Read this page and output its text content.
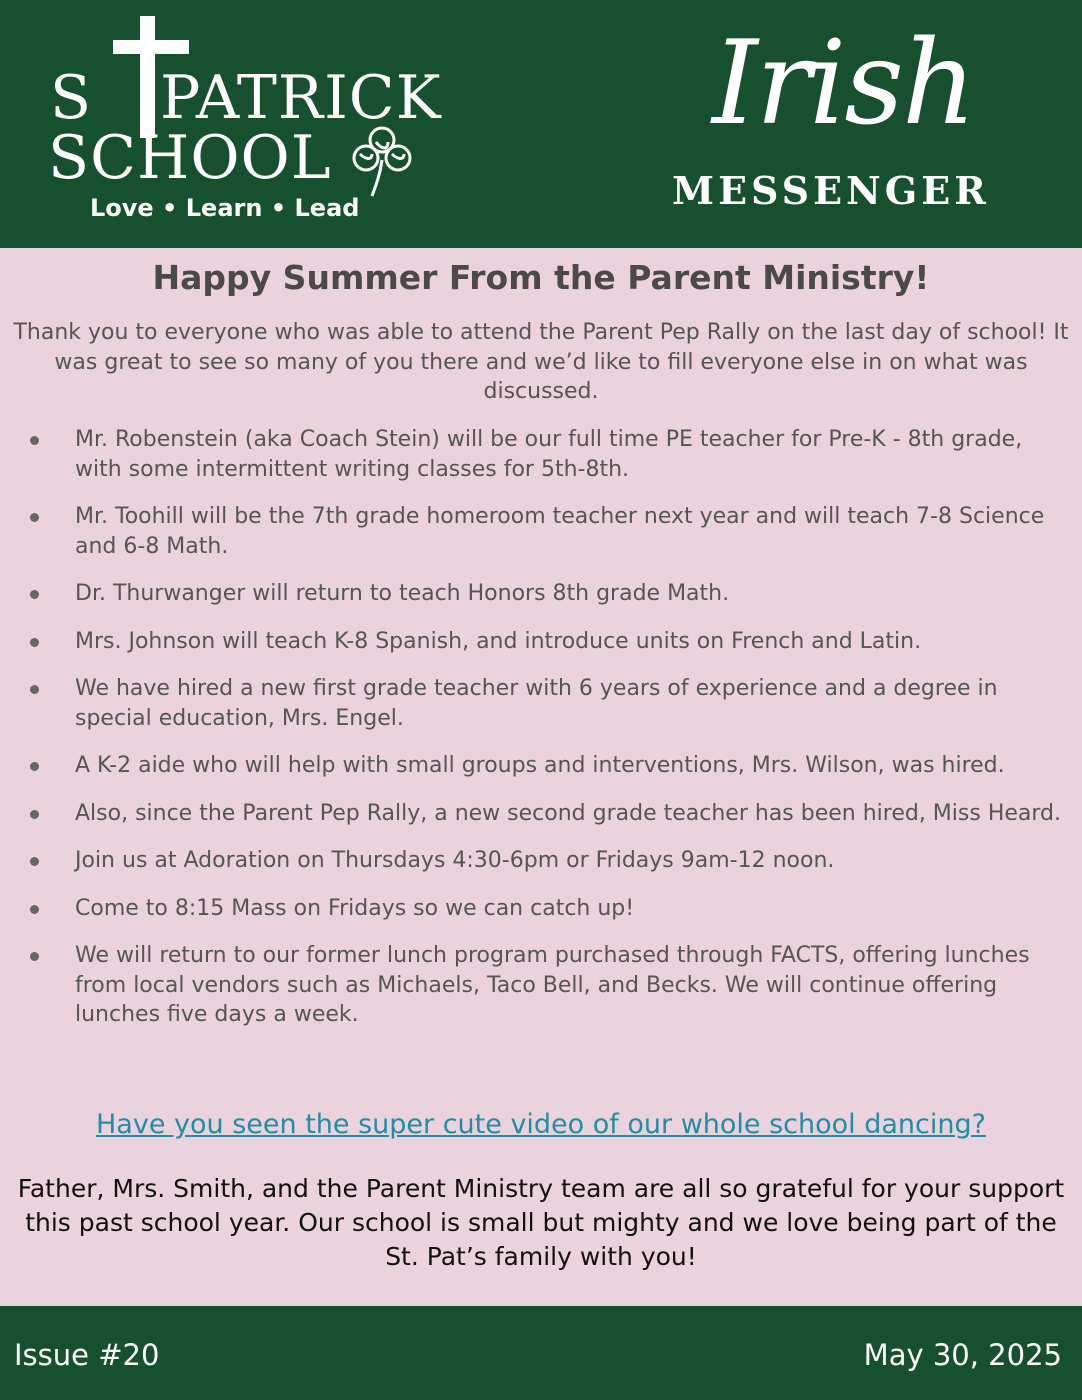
S PATRICK
SCHOOL
Love • Learn • Lead
Irish
MESSENGER
Happy Summer From the Parent Ministry!

Thank you to everyone who was able to attend the Parent Pep Rally on the last day of school! It was great to see so many of you there and we’d like to fill everyone else in on what was discussed.

Mr. Robenstein (aka Coach Stein) will be our full time PE teacher for Pre-K - 8th grade, with some intermittent writing classes for 5th-8th.
Mr. Toohill will be the 7th grade homeroom teacher next year and will teach 7-8 Science and 6-8 Math.
Dr. Thurwanger will return to teach Honors 8th grade Math.
Mrs. Johnson will teach K-8 Spanish, and introduce units on French and Latin.
We have hired a new first grade teacher with 6 years of experience and a degree in special education, Mrs. Engel.
A K-2 aide who will help with small groups and interventions, Mrs. Wilson, was hired.
Also, since the Parent Pep Rally, a new second grade teacher has been hired, Miss Heard.
Join us at Adoration on Thursdays 4:30-6pm or Fridays 9am-12 noon.
Come to 8:15 Mass on Fridays so we can catch up!
We will return to our former lunch program purchased through FACTS, offering lunches from local vendors such as Michaels, Taco Bell, and Becks. We will continue offering lunches five days a week.
Have you seen the super cute video of our whole school dancing?

Father, Mrs. Smith, and the Parent Ministry team are all so grateful for your support this past school year. Our school is small but mighty and we love being part of the St. Pat’s family with you!

Issue #20	May 30, 2025
